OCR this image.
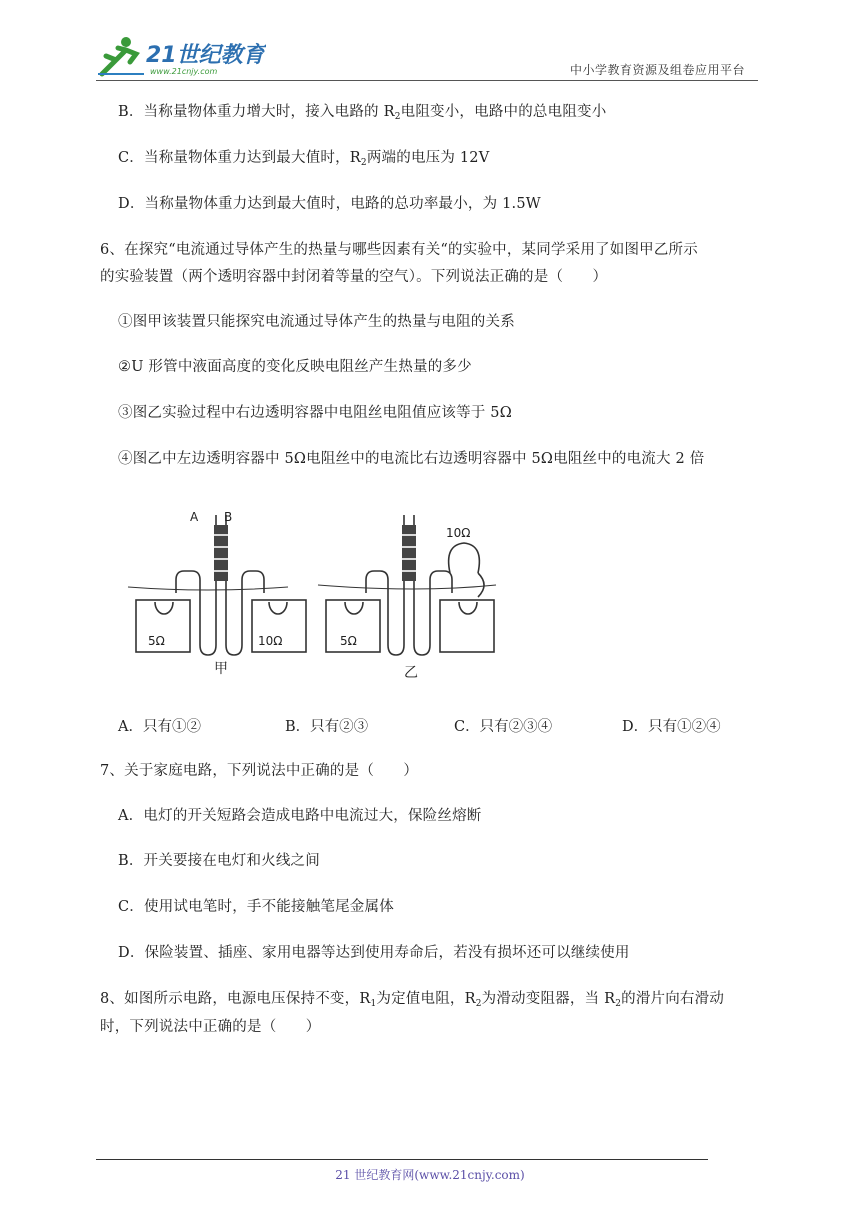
21世纪教育
www.21cnjy.com	中小学教育资源及组卷应用平台
B．当称量物体重力增大时，接入电路的 $R_2$电阻变小，电路中的总电阻变小
C．当称量物体重力达到最大值时，$R_2$两端的电压为 12V
D．当称量物体重力达到最大值时，电路的总功率最小，为 1.5W
6、在探究“电流通过导体产生的热量与哪些因素有关“的实验中，某同学采用了如图甲乙所示
的实验装置（两个透明容器中封闭着等量的空气）。下列说法正确的是（　　）
①图甲该装置只能探究电流通过导体产生的热量与电阻的关系
②U 形管中液面高度的变化反映电阻丝产生热量的多少
③图乙实验过程中右边透明容器中电阻丝电阻值应该等于 5Ω
④图乙中左边透明容器中 5Ω电阻丝中的电流比右边透明容器中 5Ω电阻丝中的电流大 2 倍
A B
5Ω	10Ω
甲
5Ω
10Ω
乙
A．只有①②	B．只有②③	C．只有②③④	D．只有①②④
7、关于家庭电路，下列说法中正确的是（　　）
A．电灯的开关短路会造成电路中电流过大，保险丝熔断
B．开关要接在电灯和火线之间
C．使用试电笔时，手不能接触笔尾金属体
D．保险装置、插座、家用电器等达到使用寿命后，若没有损坏还可以继续使用
8、如图所示电路，电源电压保持不变，$R_1$为定值电阻，$R_2$为滑动变阻器，当 $R_2$的滑片向右滑动
时，下列说法中正确的是（　　）
21 世纪教育网(www.21cnjy.com)
